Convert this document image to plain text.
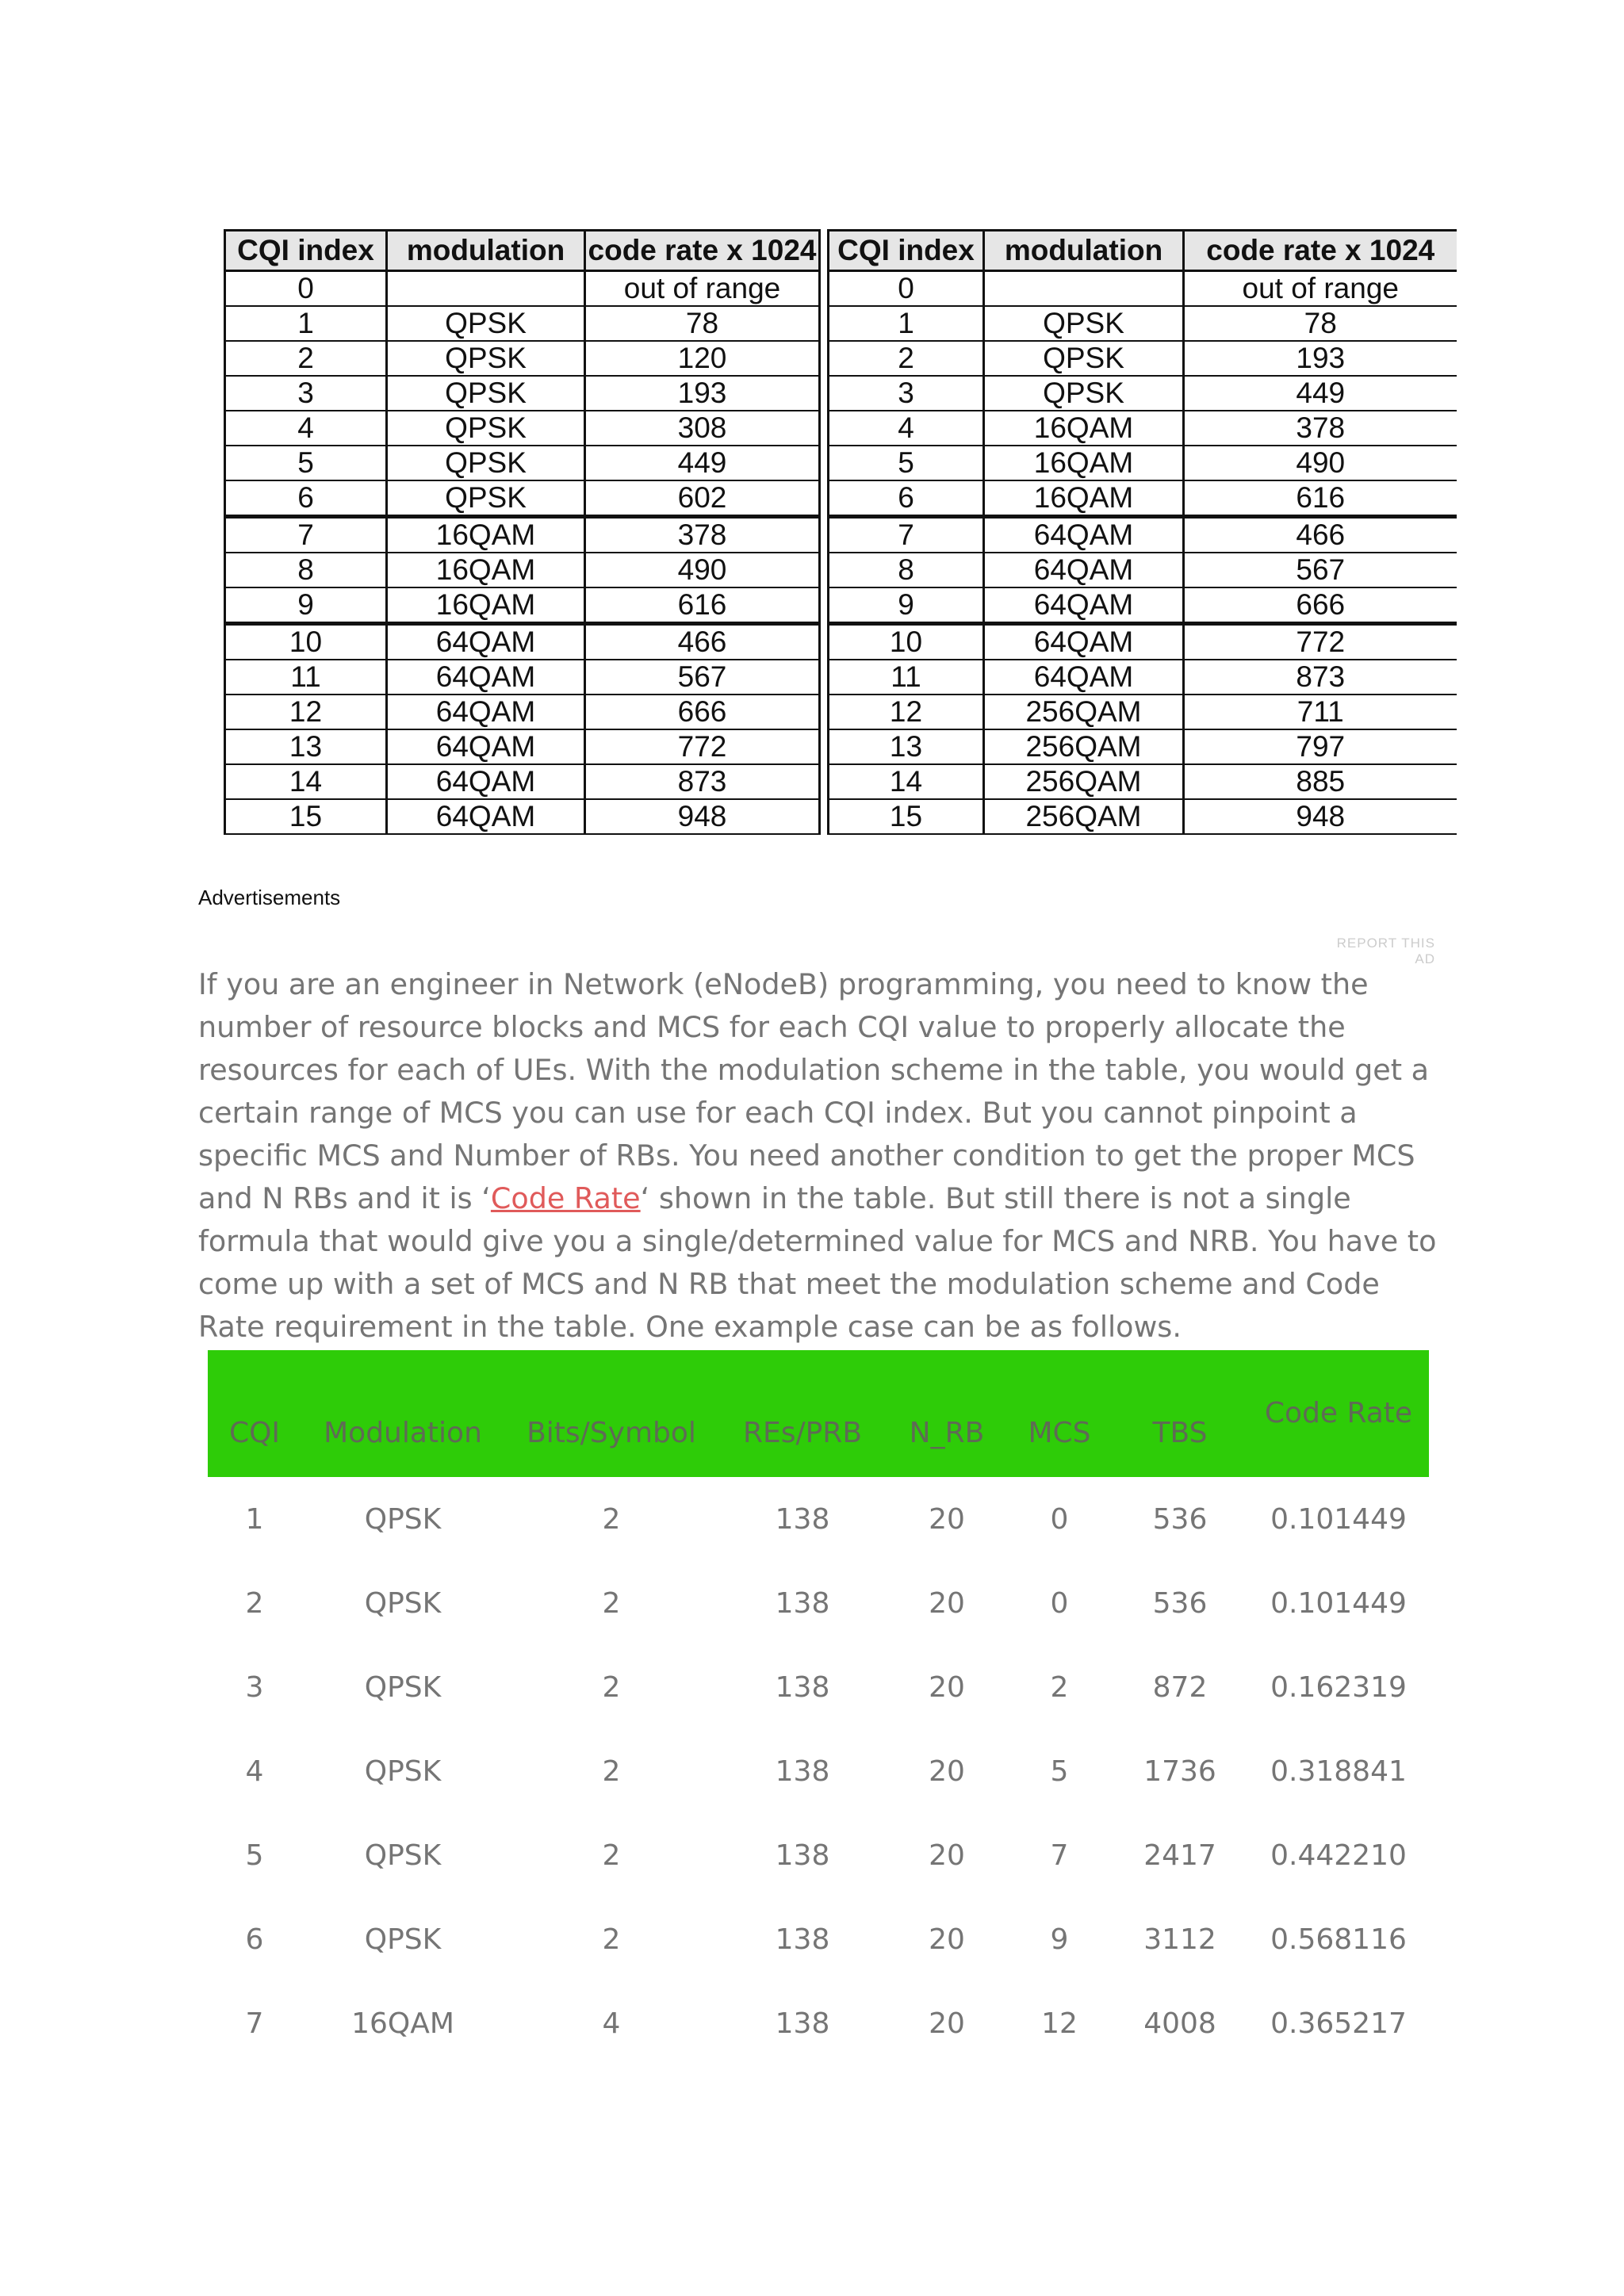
CQI index	modulation	code rate x 1024
0		out of range
1	QPSK	78
2	QPSK	120
3	QPSK	193
4	QPSK	308
5	QPSK	449
6	QPSK	602
7	16QAM	378
8	16QAM	490
9	16QAM	616
10	64QAM	466
11	64QAM	567
12	64QAM	666
13	64QAM	772
14	64QAM	873
15	64QAM	948
CQI index	modulation	code rate x 1024
0		out of range
1	QPSK	78
2	QPSK	193
3	QPSK	449
4	16QAM	378
5	16QAM	490
6	16QAM	616
7	64QAM	466
8	64QAM	567
9	64QAM	666
10	64QAM	772
11	64QAM	873
12	256QAM	711
13	256QAM	797
14	256QAM	885
15	256QAM	948
Advertisements
REPORT THIS AD

If you are an engineer in Network (eNodeB) programming, you need to know the number of resource blocks and MCS for each CQI value to properly allocate the resources for each of UEs. With the modulation scheme in the table, you would get a certain range of MCS you can use for each CQI index. But you cannot pinpoint a specific MCS and Number of RBs. You need another condition to get the proper MCS and N RBs and it is ‘Code Rate‘ shown in the table. But still there is not a single formula that would give you a single/determined value for MCS and NRB. You have to come up with a set of MCS and N RB that meet the modulation scheme and Code Rate requirement in the table. One example case can be as follows.

CQI	Modulation	Bits/Symbol	REs/PRB	N_RB	MCS	TBS	Code Rate
1	QPSK	2	138	20	0	536	0.101449
2	QPSK	2	138	20	0	536	0.101449
3	QPSK	2	138	20	2	872	0.162319
4	QPSK	2	138	20	5	1736	0.318841
5	QPSK	2	138	20	7	2417	0.442210
6	QPSK	2	138	20	9	3112	0.568116
7	16QAM	4	138	20	12	4008	0.365217
